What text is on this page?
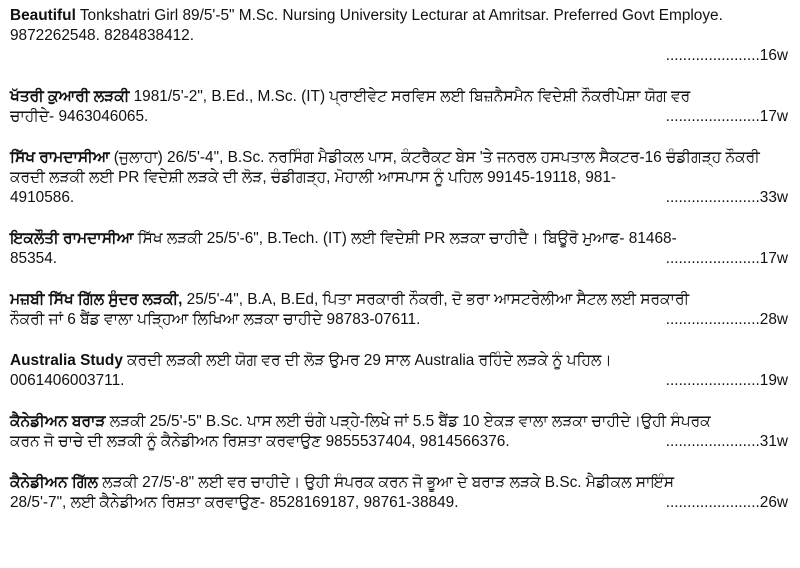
Beautiful Tonkshatri Girl 89/5'-5" M.Sc. Nursing University Lecturar at Amritsar. Preferred Govt Employe. 9872262548. 8284838412.
......................16w
ਖੱਤਰੀ ਕੁਆਰੀ ਲੜਕੀ 1981/5'-2", B.Ed., M.Sc. (IT) ਪ੍ਰਾਈਵੇਟ ਸਰਵਿਸ ਲਈ ਬਿਜ਼ਨੈਸਮੈਨ ਵਿਦੇਸ਼ੀ ਨੌਕਰੀਪੇਸ਼ਾ ਯੋਗ ਵਰ
ਚਾਹੀਦੇ- 9463046065.	......................17w
ਸਿੱਖ ਰਾਮਦਾਸੀਆ (ਜੁਲਾਹਾ) 26/5'-4", B.Sc. ਨਰਸਿੰਗ ਮੈਡੀਕਲ ਪਾਸ, ਕੰਟਰੈਕਟ ਬੇਸ 'ਤੇ ਜਨਰਲ ਹਸਪਤਾਲ ਸੈਕਟਰ-16 ਚੰਡੀਗੜ੍ਹ ਨੌਕਰੀ ਕਰਦੀ ਲੜਕੀ ਲਈ PR ਵਿਦੇਸ਼ੀ ਲੜਕੇ ਦੀ ਲੋੜ, ਚੰਡੀਗੜ੍ਹ, ਮੋਹਾਲੀ ਆਸਪਾਸ ਨੂੰ ਪਹਿਲ 99145-19118, 981-
4910586.	......................33w
ਇਕਲੌਤੀ ਰਾਮਦਾਸੀਆ ਸਿੱਖ ਲੜਕੀ 25/5'-6", B.Tech. (IT) ਲਈ ਵਿਦੇਸ਼ੀ PR ਲੜਕਾ ਚਾਹੀਦੈ। ਬਿਊਰੋ ਮੁਆਫ- 81468-
85354.	......................17w
ਮਜ਼ਬੀ ਸਿੱਖ ਗਿੱਲ ਸੁੰਦਰ ਲੜਕੀ, 25/5'-4", B.A, B.Ed, ਪਿਤਾ ਸਰਕਾਰੀ ਨੌਕਰੀ, ਦੋ ਭਰਾ ਆਸਟਰੇਲੀਆ ਸੈਟਲ ਲਈ ਸਰਕਾਰੀ
ਨੌਕਰੀ ਜਾਂ 6 ਬੈਂਡ ਵਾਲਾ ਪੜ੍ਹਿਆ ਲਿਖਿਆ ਲੜਕਾ ਚਾਹੀਦੇ 98783-07611.	......................28w
Australia Study ਕਰਦੀ ਲੜਕੀ ਲਈ ਯੋਗ ਵਰ ਦੀ ਲੋੜ ਉਮਰ 29 ਸਾਲ Australia ਰਹਿੰਦੇ ਲੜਕੇ ਨੂੰ ਪਹਿਲ।
0061406003711.	......................19w
ਕੈਨੇਡੀਅਨ ਬਰਾੜ ਲੜਕੀ 25/5'-5" B.Sc. ਪਾਸ ਲਈ ਚੰਗੇ ਪੜ੍ਹੇ-ਲਿਖੇ ਜਾਂ 5.5 ਬੈਂਡ 10 ਏਕੜ ਵਾਲਾ ਲੜਕਾ ਚਾਹੀਦੇ।ਉਹੀ ਸੰਪਰਕ
ਕਰਨ ਜੋ ਚਾਚੇ ਦੀ ਲੜਕੀ ਨੂੰ ਕੈਨੇਡੀਅਨ ਰਿਸ਼ਤਾ ਕਰਵਾਉਣ 9855537404, 9814566376.	......................31w
ਕੈਨੇਡੀਅਨ ਗਿੱਲ ਲੜਕੀ 27/5'-8" ਲਈ ਵਰ ਚਾਹੀਦੇ। ਉਹੀ ਸੰਪਰਕ ਕਰਨ ਜੋ ਭੂਆ ਦੇ ਬਰਾੜ ਲੜਕੇ B.Sc. ਮੈਡੀਕਲ ਸਾਇੰਸ
28/5'-7", ਲਈ ਕੈਨੇਡੀਅਨ ਰਿਸ਼ਤਾ ਕਰਵਾਉਣ- 8528169187, 98761-38849.	......................26w
